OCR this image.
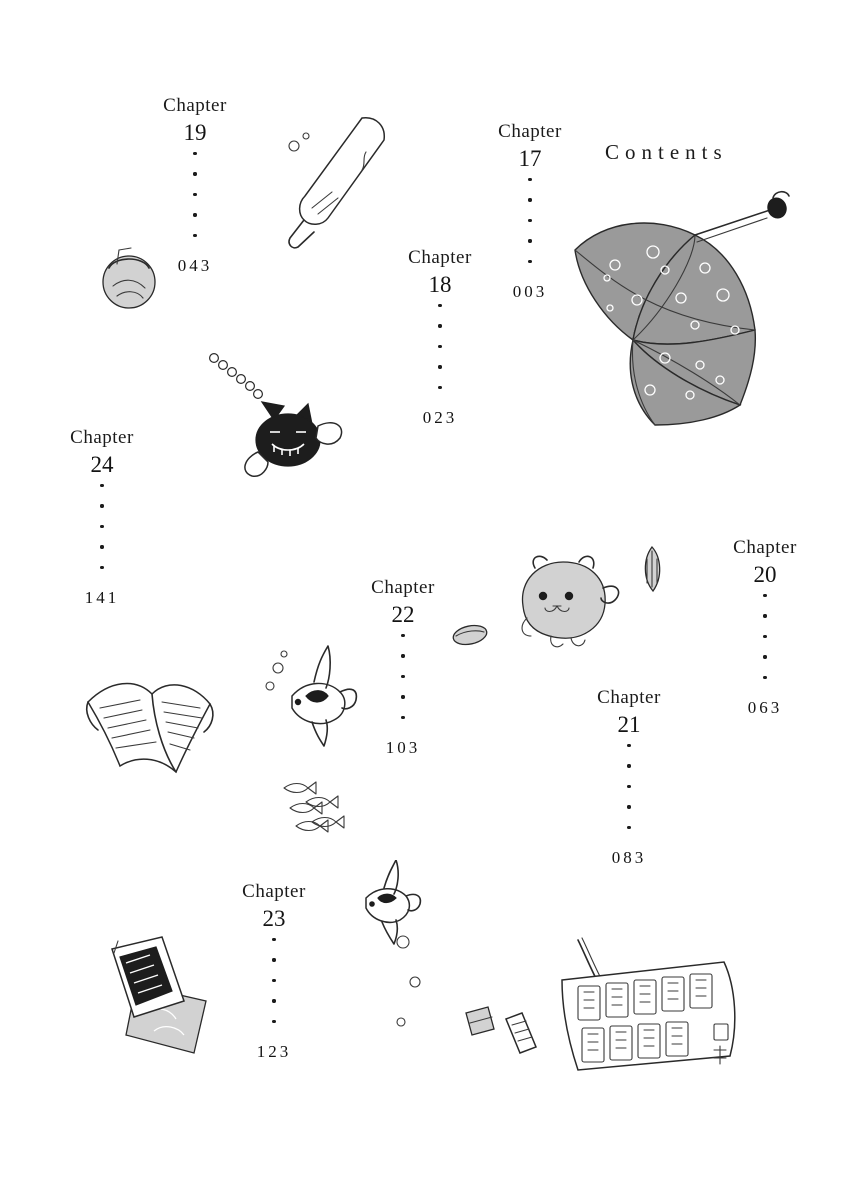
Contents
Chapter
19
043
Chapter
17
003
Chapter
18
023
Chapter
24
141	Chapter
22
103
Chapter
20
063
Chapter
21
083
Chapter
23
123
